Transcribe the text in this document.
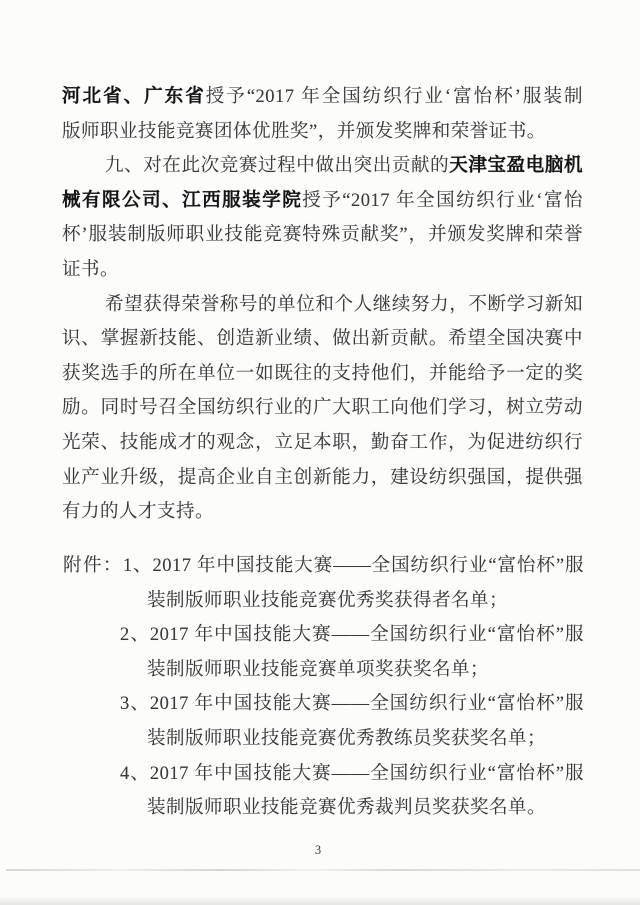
河北省、广东省授予“2017 年全国纺织行业‘富怡杯’服装制
版师职业技能竞赛团体优胜奖”，并颁发奖牌和荣誉证书。
九、对在此次竞赛过程中做出突出贡献的天津宝盈电脑机
械有限公司、江西服装学院授予“2017 年全国纺织行业‘富怡
杯’服装制版师职业技能竞赛特殊贡献奖”，并颁发奖牌和荣誉
证书。
希望获得荣誉称号的单位和个人继续努力，不断学习新知
识、掌握新技能、创造新业绩、做出新贡献。希望全国决赛中
获奖选手的所在单位一如既往的支持他们，并能给予一定的奖
励。同时号召全国纺织行业的广大职工向他们学习，树立劳动
光荣、技能成才的观念，立足本职，勤奋工作，为促进纺织行
业产业升级，提高企业自主创新能力，建设纺织强国，提供强
有力的人才支持。
附件：1、2017 年中国技能大赛——全国纺织行业“富怡杯”服
装制版师职业技能竞赛优秀奖获得者名单；
2、2017 年中国技能大赛——全国纺织行业“富怡杯”服
装制版师职业技能竞赛单项奖获奖名单；
3、2017 年中国技能大赛——全国纺织行业“富怡杯”服
装制版师职业技能竞赛优秀教练员奖获奖名单；
4、2017 年中国技能大赛——全国纺织行业“富怡杯”服
装制版师职业技能竞赛优秀裁判员奖获奖名单。
3
